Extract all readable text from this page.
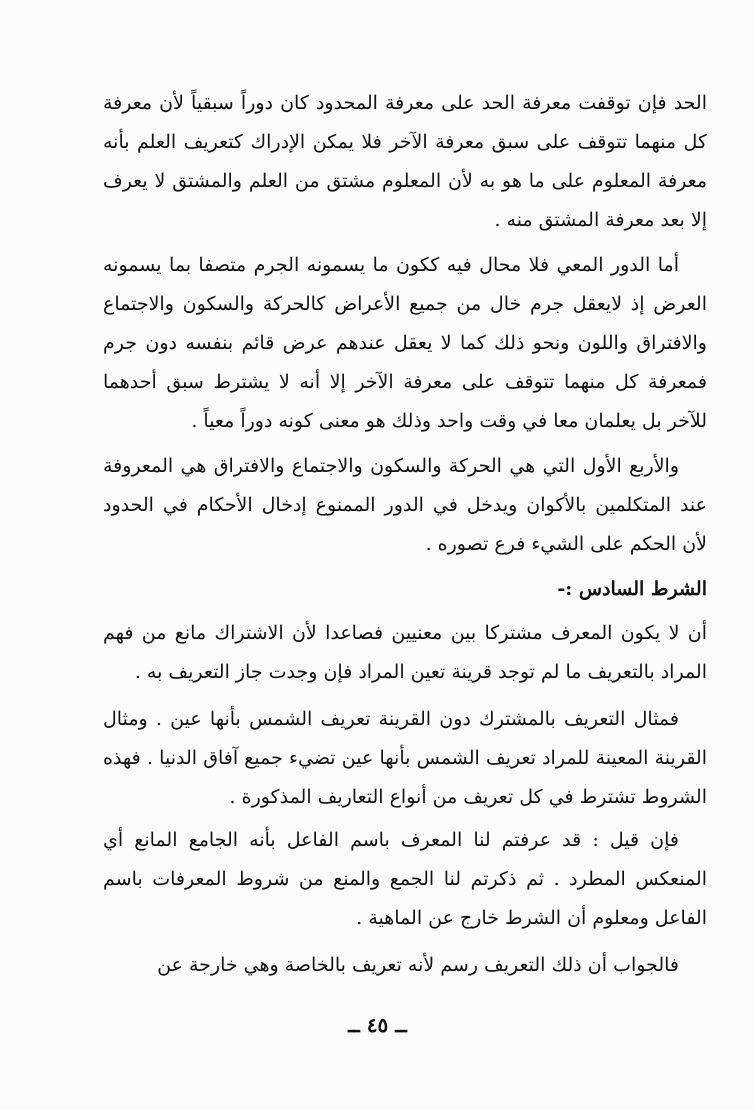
الحد فإن توقفت معرفة الحد على معرفة المحدود كان دوراً سبقياً لأن معرفة كل منهما تتوقف على سبق معرفة الآخر فلا يمكن الإدراك كتعريف العلم بأنه معرفة المعلوم على ما هو به لأن المعلوم مشتق من العلم والمشتق لا يعرف إلا بعد معرفة المشتق منه .

أما الدور المعي فلا محال فيه ككون ما يسمونه الجرم متصفا بما يسمونه العرض إذ لايعقل جرم خال من جميع الأعراض كالحركة والسكون والاجتماع والافتراق واللون ونحو ذلك كما لا يعقل عندهم عرض قائم بنفسه دون جرم فمعرفة كل منهما تتوقف على معرفة الآخر إلا أنه لا يشترط سبق أحدهما للآخر بل يعلمان معا في وقت واحد وذلك هو معنى كونه دوراً معياً .

والأربع الأول التي هي الحركة والسكون والاجتماع والافتراق هي المعروفة عند المتكلمين بالأكوان ويدخل في الدور الممنوع إدخال الأحكام في الحدود لأن الحكم على الشيء فرع تصوره .

الشرط السادس :-

أن لا يكون المعرف مشتركا بين معنيين فصاعدا لأن الاشتراك مانع من فهم المراد بالتعريف ما لم توجد قرينة تعين المراد فإن وجدت جاز التعريف به .

فمثال التعريف بالمشترك دون القرينة تعريف الشمس بأنها عين . ومثال القرينة المعينة للمراد تعريف الشمس بأنها عين تضيء جميع آفاق الدنيا . فهذه الشروط تشترط في كل تعريف من أنواع التعاريف المذكورة .

فإن قيل : قد عرفتم لنا المعرف باسم الفاعل بأنه الجامع المانع أي المنعكس المطرد . ثم ذكرتم لنا الجمع والمنع من شروط المعرفات باسم الفاعل ومعلوم أن الشرط خارج عن الماهية .

فالجواب أن ذلك التعريف رسم لأنه تعريف بالخاصة وهي خارجة عن

ــ ٤٥ ــ
